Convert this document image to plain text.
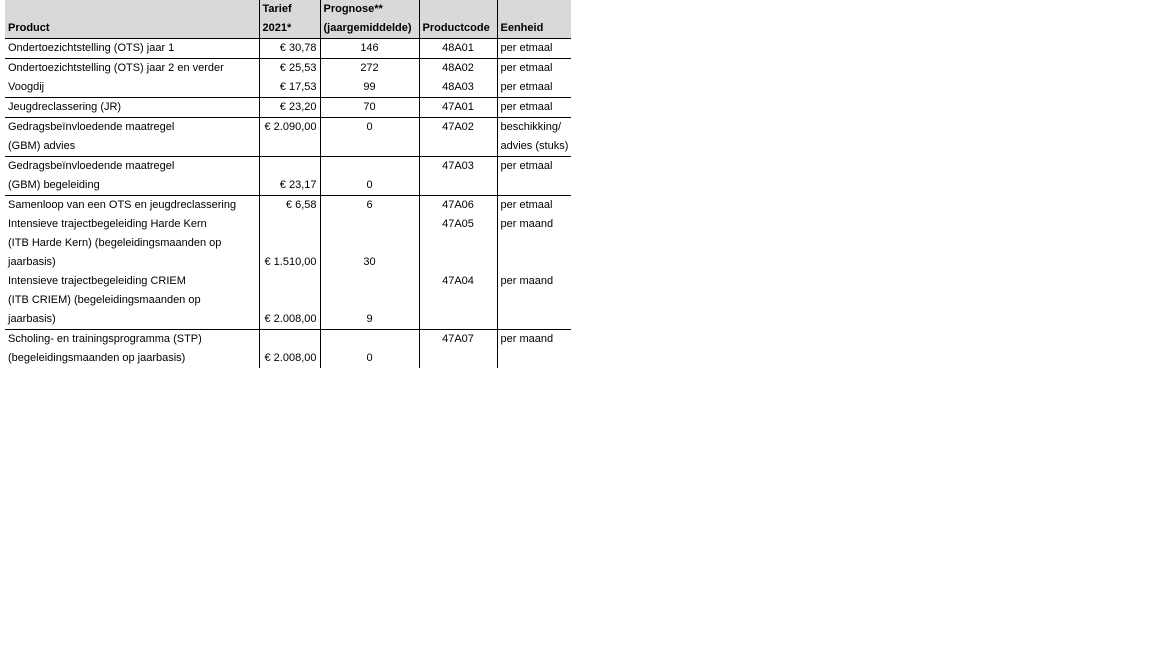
	Tarief	Prognose**		
Product	2021*	(jaargemiddelde)	Productcode	Eenheid
Ondertoezichtstelling (OTS) jaar 1	€ 30,78	146	48A01	per etmaal
Ondertoezichtstelling (OTS) jaar 2 en verder	€ 25,53	272	48A02	per etmaal
Voogdij	€ 17,53	99	48A03	per etmaal
Jeugdreclassering (JR)	€ 23,20	70	47A01	per etmaal
Gedragsbeïnvloedende maatregel	€ 2.090,00	0	47A02	beschikking/
(GBM) advies				advies (stuks)
Gedragsbeïnvloedende maatregel			47A03	per etmaal
(GBM) begeleiding	€ 23,17	0		
Samenloop van een OTS en jeugdreclassering	€ 6,58	6	47A06	per etmaal
Intensieve trajectbegeleiding Harde Kern			47A05	per maand
(ITB Harde Kern) (begeleidingsmaanden op				
jaarbasis)	€ 1.510,00	30		
Intensieve trajectbegeleiding CRIEM			47A04	per maand
(ITB CRIEM) (begeleidingsmaanden op				
jaarbasis)	€ 2.008,00	9		
Scholing- en trainingsprogramma (STP)			47A07	per maand
(begeleidingsmaanden op jaarbasis)	€ 2.008,00	0		
